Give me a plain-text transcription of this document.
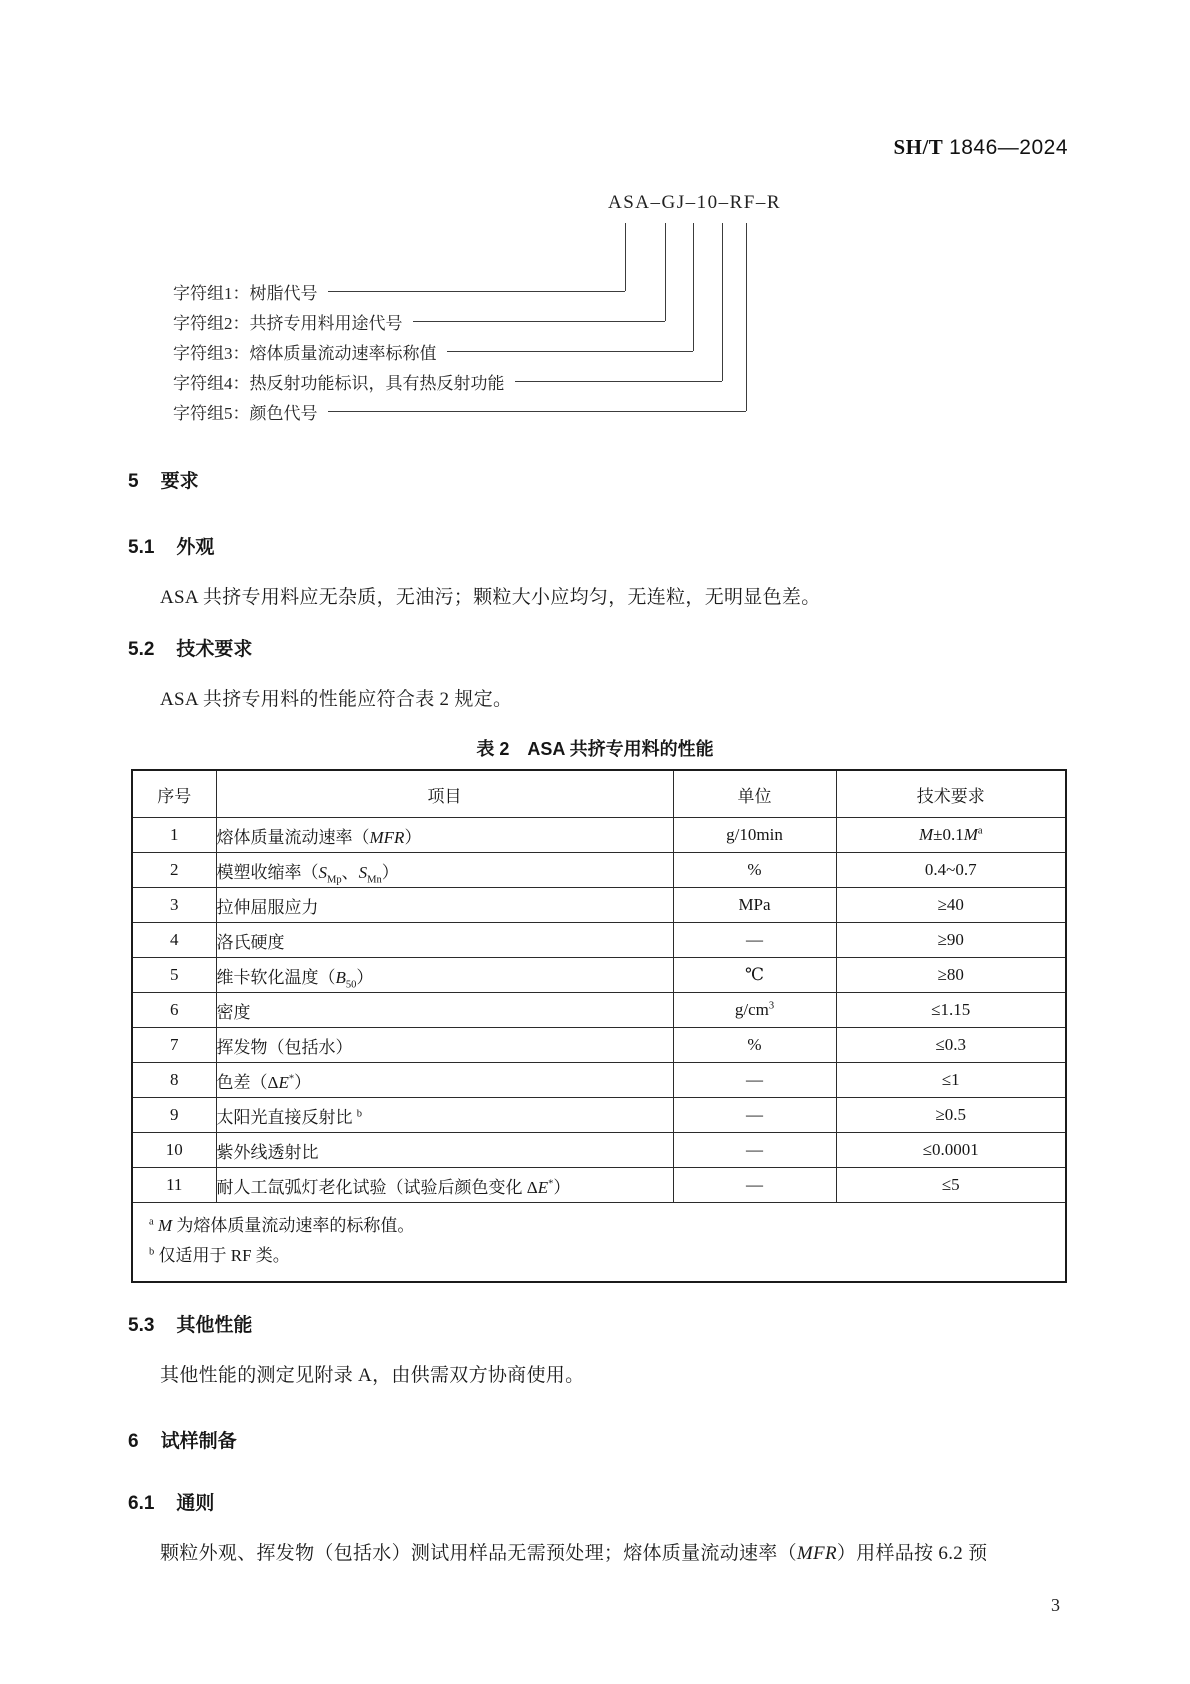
SH/T 1846—2024
ASA–GJ–10–RF–R
字符组1：树脂代号
字符组2：共挤专用料用途代号
字符组3：熔体质量流动速率标称值
字符组4：热反射功能标识，具有热反射功能
字符组5：颜色代号
5 要求
5.1 外观
ASA 共挤专用料应无杂质，无油污；颗粒大小应均匀，无连粒，无明显色差。
5.2 技术要求
ASA 共挤专用料的性能应符合表 2 规定。
表 2 ASA 共挤专用料的性能
序号	项目	单位	技术要求
1	熔体质量流动速率（MFR）	g/10min	$M\pm 0.1M^a$
2	模塑收缩率（$S_{Mp}$、$S_{Mn}$）	%	0.4~0.7
3	拉伸屈服应力	MPa	≥40
4	洛氏硬度	—	≥90
5	维卡软化温度$(B_{50})$	℃	≥80
6	密度	$g/cm^3$	≤1.15
7	挥发物（包括水）	%	≤0.3
8	色差（ΔE*）	—	≤1
9	太阳光直接反射比 $^b$	—	≥0.5
10	紫外线透射比	—	≤0.0001
11	耐人工氙弧灯老化试验（试验后颜色变化 ΔE*）	—	≤5

$^a$ M 为熔体质量流动速率的标称值。
$^b$ 仅适用于 RF 类。			
5.3 其他性能
其他性能的测定见附录 A，由供需双方协商使用。
6 试样制备
6.1 通则
颗粒外观、挥发物（包括水）测试用样品无需预处理；熔体质量流动速率（MFR）用样品按 6.2 预
3
